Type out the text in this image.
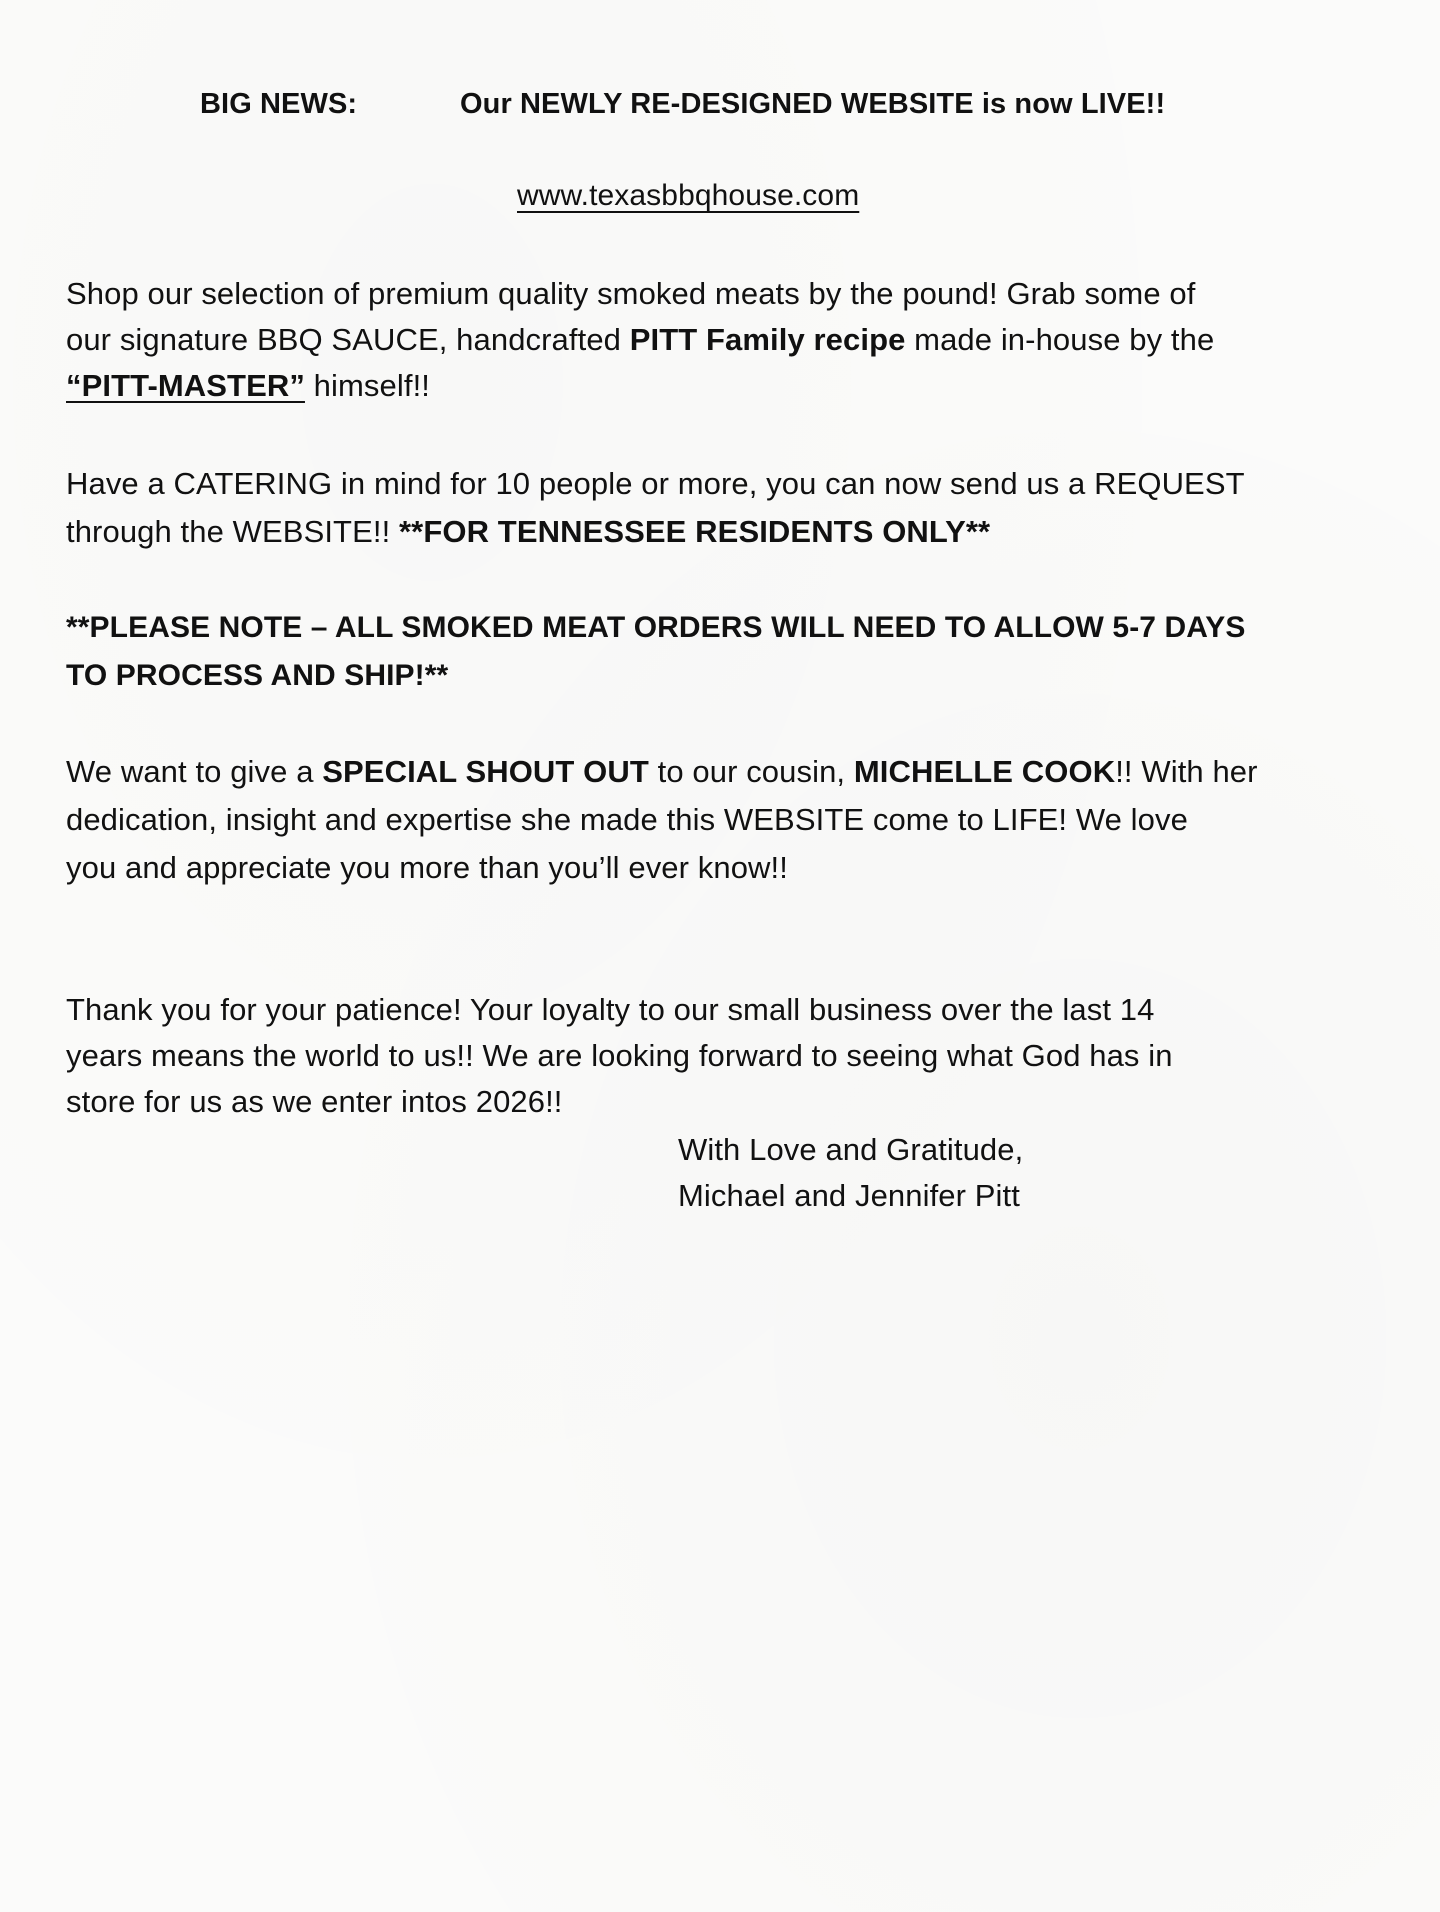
BIG NEWS:	Our NEWLY RE-DESIGNED WEBSITE is now LIVE!!
www.texasbbqhouse.com
Shop our selection of premium quality smoked meats by the pound! Grab some of
our signature BBQ SAUCE, handcrafted PITT Family recipe made in-house by the
“PITT-MASTER” himself!!
Have a CATERING in mind for 10 people or more, you can now send us a REQUEST
through the WEBSITE!! **FOR TENNESSEE RESIDENTS ONLY**
**PLEASE NOTE – ALL SMOKED MEAT ORDERS WILL NEED TO ALLOW 5-7 DAYS
TO PROCESS AND SHIP!**
We want to give a SPECIAL SHOUT OUT to our cousin, MICHELLE COOK!! With her
dedication, insight and expertise she made this WEBSITE come to LIFE! We love
you and appreciate you more than you’ll ever know!!
Thank you for your patience! Your loyalty to our small business over the last 14
years means the world to us!! We are looking forward to seeing what God has in
store for us as we enter intos 2026!!
With Love and Gratitude,
Michael and Jennifer Pitt
